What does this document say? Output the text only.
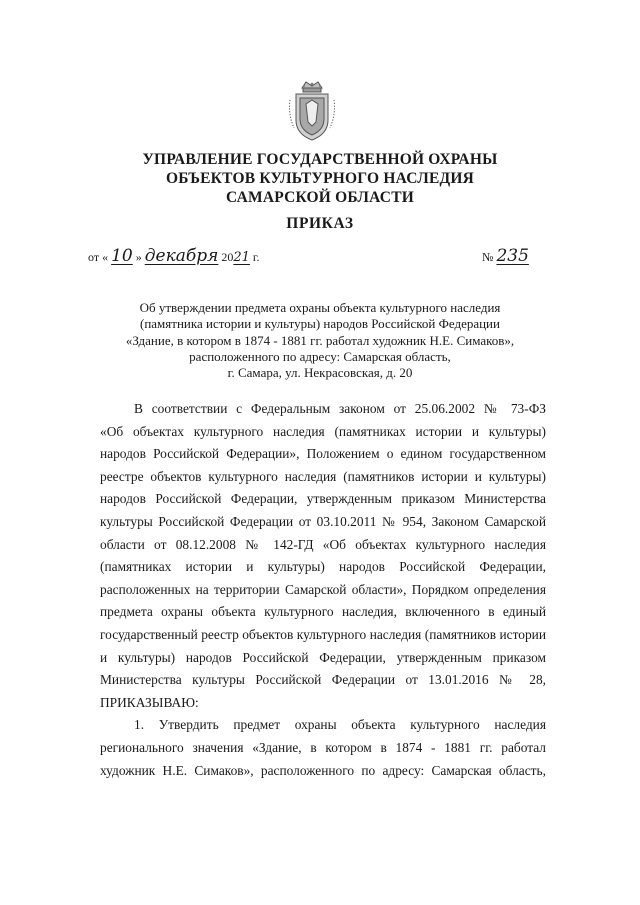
УПРАВЛЕНИЕ ГОСУДАРСТВЕННОЙ ОХРАНЫ
ОБЪЕКТОВ КУЛЬТУРНОГО НАСЛЕДИЯ
САМАРСКОЙ ОБЛАСТИ
ПРИКАЗ
от « 10 » декабря 2021 г.	№ 235
Об утверждении предмета охраны объекта культурного наследия
(памятника истории и культуры) народов Российской Федерации
«Здание, в котором в 1874 - 1881 гг. работал художник Н.Е. Симаков»,
расположенного по адресу: Самарская область,
г. Самара, ул. Некрасовская, д. 20
В соответствии с Федеральным законом от 25.06.2002 № 73-ФЗ
«Об объектах культурного наследия (памятниках истории и культуры)
народов Российской Федерации», Положением о едином государственном
реестре объектов культурного наследия (памятников истории и культуры)
народов Российской Федерации, утвержденным приказом Министерства
культуры Российской Федерации от 03.10.2011 № 954, Законом Самарской
области от 08.12.2008 № 142-ГД «Об объектах культурного наследия
(памятниках истории и культуры) народов Российской Федерации,
расположенных на территории Самарской области», Порядком определения
предмета охраны объекта культурного наследия, включенного в единый
государственный реестр объектов культурного наследия (памятников истории
и культуры) народов Российской Федерации, утвержденным приказом
Министерства культуры Российской Федерации от 13.01.2016 № 28,
ПРИКАЗЫВАЮ:
1. Утвердить предмет охраны объекта культурного наследия
регионального значения «Здание, в котором в 1874 - 1881 гг. работал
художник Н.Е. Симаков», расположенного по адресу: Самарская область,
